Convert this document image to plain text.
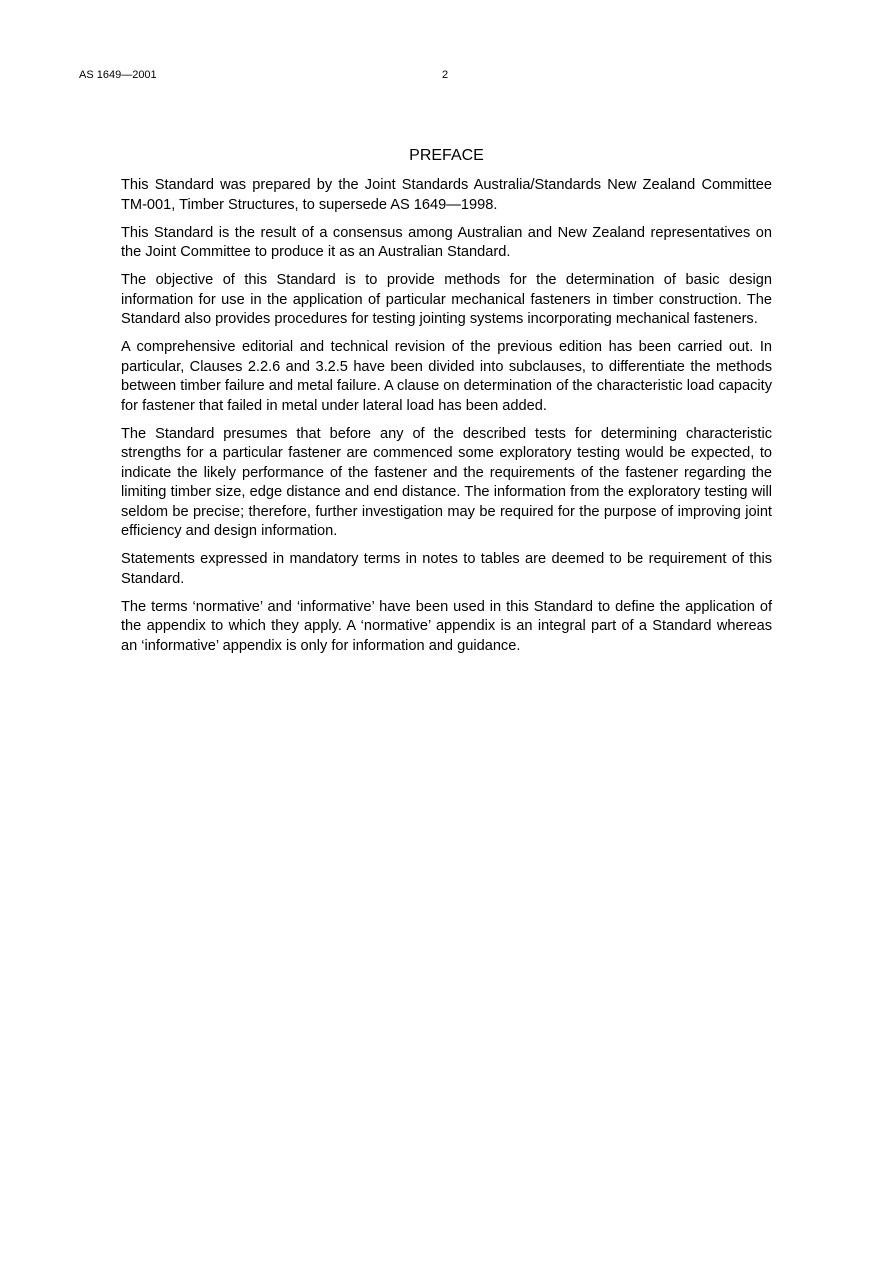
AS 1649—2001	2
PREFACE

This Standard was prepared by the Joint Standards Australia/Standards New Zealand Committee TM-001, Timber Structures, to supersede AS 1649—1998.

This Standard is the result of a consensus among Australian and New Zealand representatives on the Joint Committee to produce it as an Australian Standard.

The objective of this Standard is to provide methods for the determination of basic design information for use in the application of particular mechanical fasteners in timber construction. The Standard also provides procedures for testing jointing systems incorporating mechanical fasteners.

A comprehensive editorial and technical revision of the previous edition has been carried out. In particular, Clauses 2.2.6 and 3.2.5 have been divided into subclauses, to differentiate the methods between timber failure and metal failure. A clause on determination of the characteristic load capacity for fastener that failed in metal under lateral load has been added.

The Standard presumes that before any of the described tests for determining characteristic strengths for a particular fastener are commenced some exploratory testing would be expected, to indicate the likely performance of the fastener and the requirements of the fastener regarding the limiting timber size, edge distance and end distance. The information from the exploratory testing will seldom be precise; therefore, further investigation may be required for the purpose of improving joint efficiency and design information.

Statements expressed in mandatory terms in notes to tables are deemed to be requirement of this Standard.

The terms ‘normative’ and ‘informative’ have been used in this Standard to define the application of the appendix to which they apply. A ‘normative’ appendix is an integral part of a Standard whereas an ‘informative’ appendix is only for information and guidance.
